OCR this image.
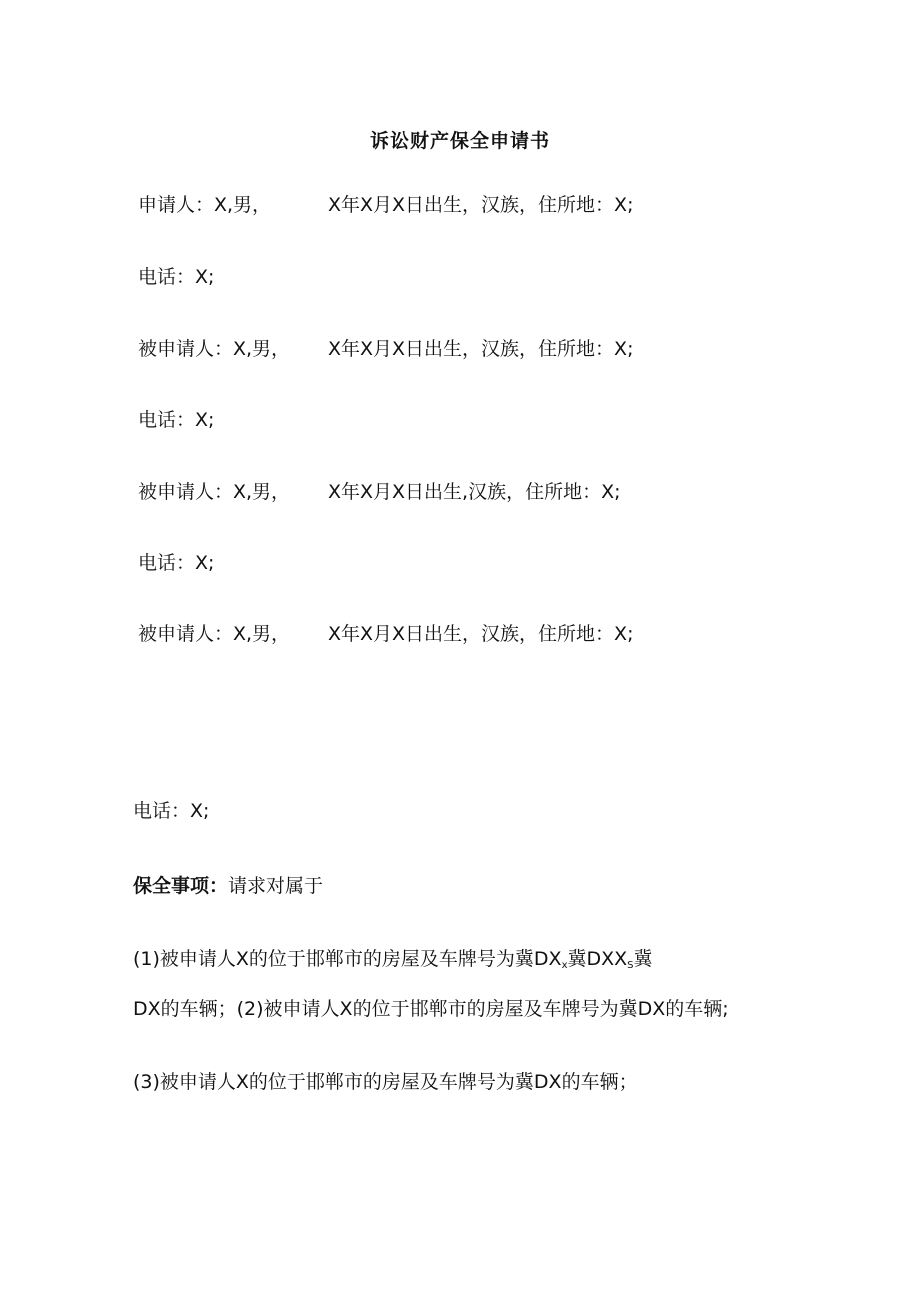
诉讼财产保全申请书
申请人：X,男，	X年X月X日出生，汉族，住所地：X;
电话：X;
被申请人：X,男， X年X月X日出生，汉族，住所地：X;
电话：X;
被申请人：X,男， X年X月X日出生,汉族，住所地：X;
电话：X;
被申请人：X,男， X年X月X日出生，汉族，住所地：X;
电话：X;
保全事项：请求对属于
(1)被申请人X的位于邯郸市的房屋及车牌号为冀$DX_x$冀$DXX_S$冀
DX的车辆；(2)被申请人X的位于邯郸市的房屋及车牌号为冀DX的车辆;
(3)被申请人X的位于邯郸市的房屋及车牌号为冀DX的车辆；
